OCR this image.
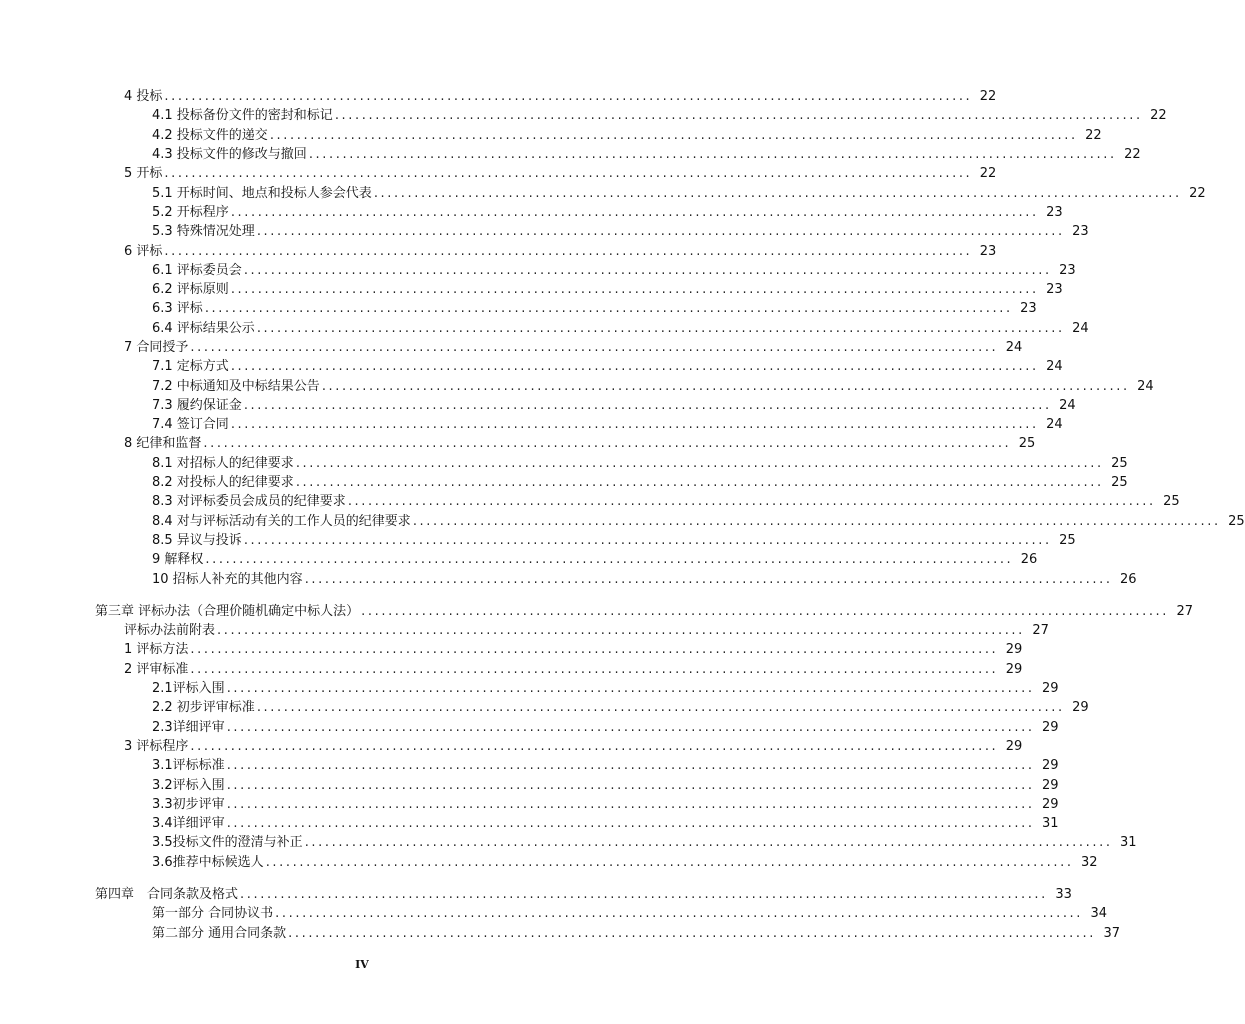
4 投标 ........................................................................................................................ 22
4.1 投标备份文件的密封和标记 ........................................................................................................................ 22
4.2 投标文件的递交 ........................................................................................................................ 22
4.3 投标文件的修改与撤回 ........................................................................................................................ 22
5 开标 ........................................................................................................................ 22
5.1 开标时间、地点和投标人参会代表 ........................................................................................................................ 22
5.2 开标程序 ........................................................................................................................ 23
5.3 特殊情况处理 ........................................................................................................................ 23
6 评标 ........................................................................................................................ 23
6.1 评标委员会 ........................................................................................................................ 23
6.2 评标原则 ........................................................................................................................ 23
6.3 评标 ........................................................................................................................ 23
6.4 评标结果公示 ........................................................................................................................ 24
7 合同授予 ........................................................................................................................ 24
7.1 定标方式 ........................................................................................................................ 24
7.2 中标通知及中标结果公告 ........................................................................................................................ 24
7.3 履约保证金 ........................................................................................................................ 24
7.4 签订合同 ........................................................................................................................ 24
8 纪律和监督 ........................................................................................................................ 25
8.1 对招标人的纪律要求 ........................................................................................................................ 25
8.2 对投标人的纪律要求 ........................................................................................................................ 25
8.3 对评标委员会成员的纪律要求 ........................................................................................................................ 25
8.4 对与评标活动有关的工作人员的纪律要求 ........................................................................................................................ 25
8.5 异议与投诉 ........................................................................................................................ 25
9 解释权 ........................................................................................................................ 26
10 招标人补充的其他内容 ........................................................................................................................ 26
第三章 评标办法（合理价随机确定中标人法） ........................................................................................................................ 27
评标办法前附表 ........................................................................................................................ 27
1 评标方法 ........................................................................................................................ 29
2 评审标准 ........................................................................................................................ 29
2.1评标入围 ........................................................................................................................ 29
2.2 初步评审标准 ........................................................................................................................ 29
2.3详细评审 ........................................................................................................................ 29
3 评标程序 ........................................................................................................................ 29
3.1评标标准 ........................................................................................................................ 29
3.2评标入围 ........................................................................................................................ 29
3.3初步评审 ........................................................................................................................ 29
3.4详细评审 ........................................................................................................................ 31
3.5投标文件的澄清与补正 ........................................................................................................................ 31
3.6推荐中标候选人 ........................................................................................................................ 32
第四章　合同条款及格式 ........................................................................................................................ 33
第一部分 合同协议书 ........................................................................................................................ 34
第二部分 通用合同条款 ........................................................................................................................ 37
IV
